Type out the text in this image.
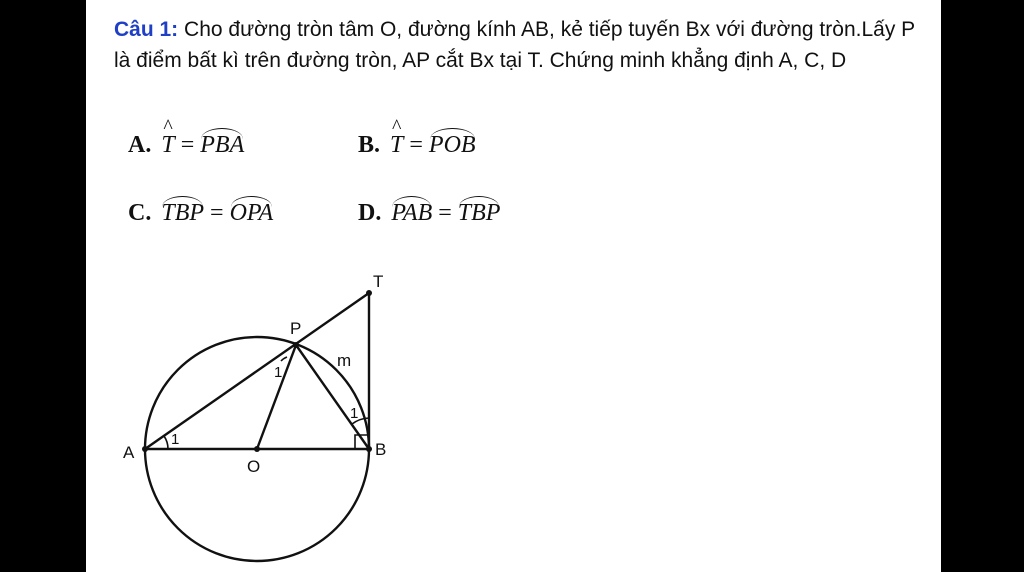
Câu 1: Cho đường tròn tâm O, đường kính AB, kẻ tiếp tuyến Bx với đường tròn.Lấy P là điểm bất kì trên đường tròn, AP cắt Bx tại T. Chứng minh khẳng định A, C, D
A. ^ T = PBA	B. ^ T = POB
C. TBP = OPA	D. PAB = TBP
T
P
A
O
B
m
1
1
1
